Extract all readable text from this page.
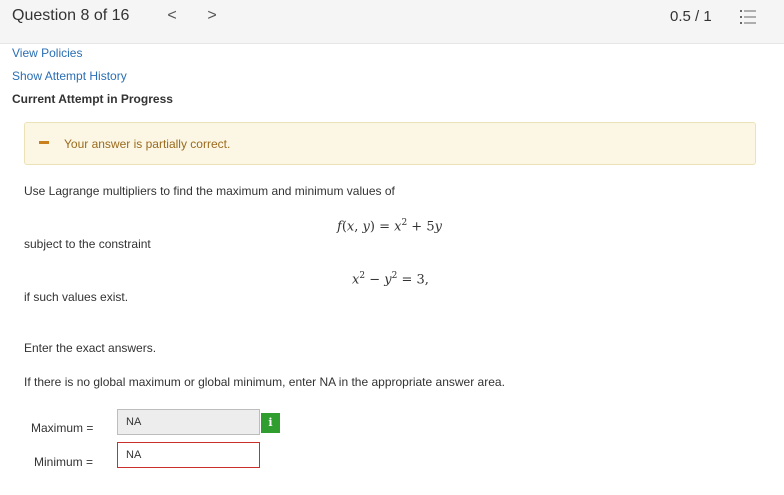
Question 8 of 16 < >	0.5 / 1
View Policies
Show Attempt History
Current Attempt in Progress
Your answer is partially correct.
Use Lagrange multipliers to find the maximum and minimum values of
f(x, $y) = x^2 + 5y$
subject to the constraint
$x^2 - y^2 = 3$,
if such values exist.
Enter the exact answers.
If there is no global maximum or global minimum, enter NA in the appropriate answer area.
Maximum =
NA	i
Minimum =
NA
